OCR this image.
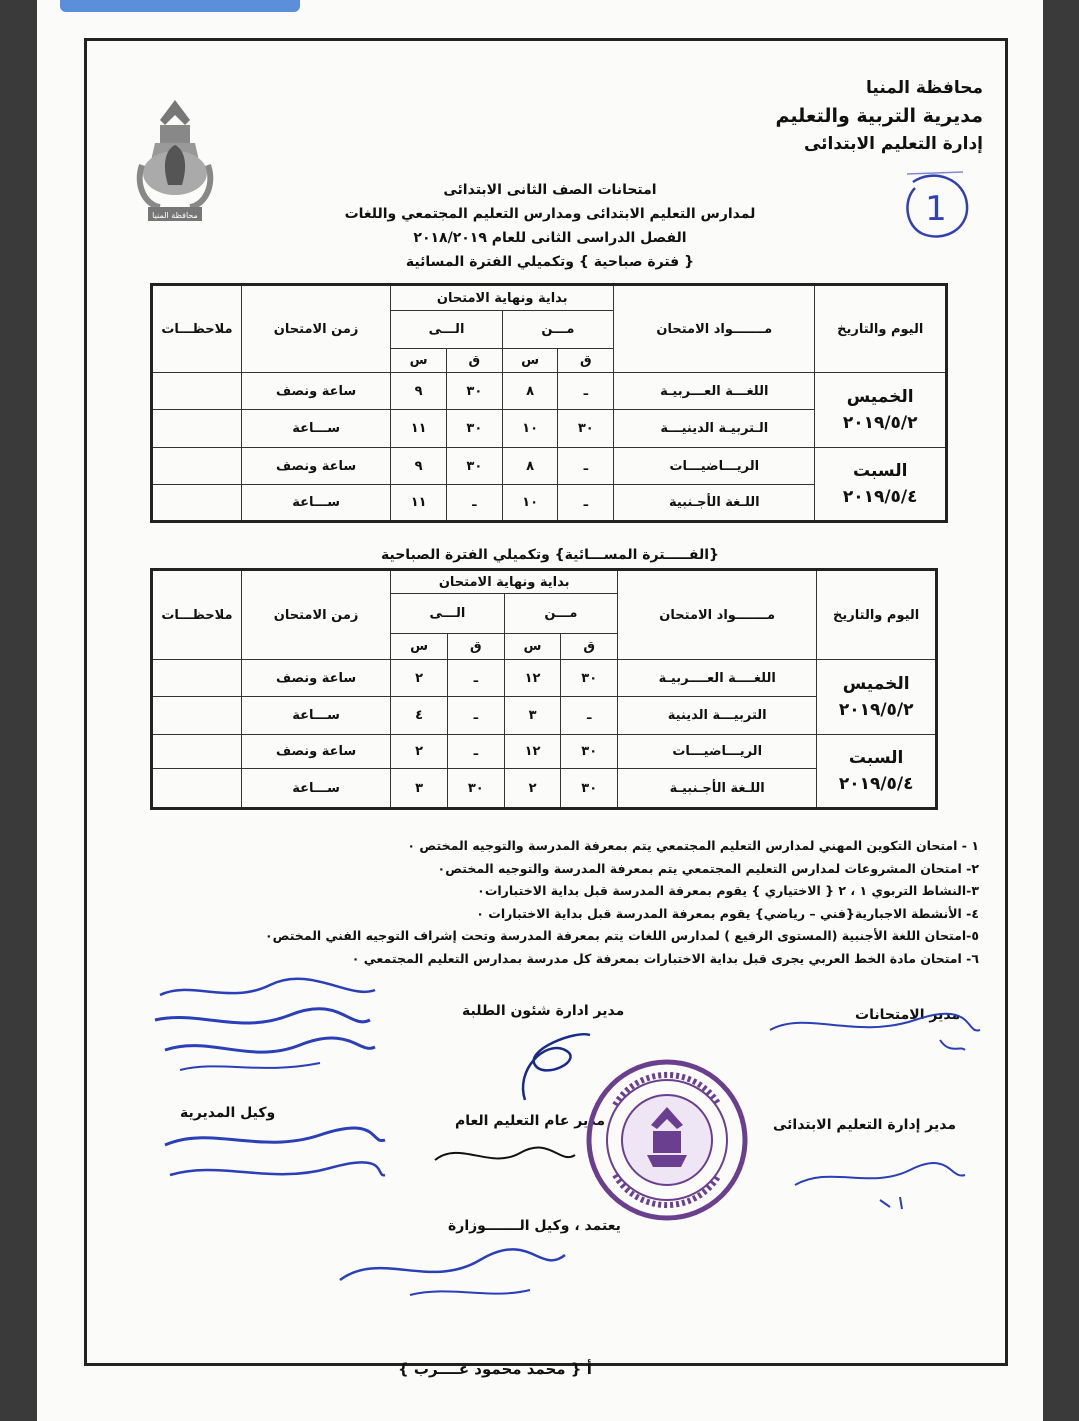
محافظة المنيا
مديرية التربية والتعليم
إدارة التعليم الابتدائى
محافظة المنيا	1
امتحانات الصف الثانى الابتدائى
لمدارس التعليم الابتدائى ومدارس التعليم المجتمعي واللغات
الفصل الدراسى الثانى للعام ٢٠١٨/٢٠١٩
{ فترة صباحية } وتكميلي الفترة المسائية
اليوم والتاريخ	مـــــــواد الامتحان	بداية ونهاية الامتحان				زمن الامتحان	ملاحظـــات
		مـــن		الـــى			
		ق	س	ق	س		

الخميس
٢٠١٩/٥/٢	اللغـــة العـــربيـة	ـ	٨	٣٠	٩	ساعة ونصف	
	الـتربيـة الدينيـــة	٣٠	١٠	٣٠	١١	ســـاعة	

السبت
٢٠١٩/٥/٤	الريـــاضيـــات	ـ	٨	٣٠	٩	ساعة ونصف	
	اللـغة الأجـنبية	ـ	١٠	ـ	١١	ســـاعة	
{الفـــــترة المســـائية} وتكميلي الفترة الصباحية
اليوم والتاريخ	مـــــــواد الامتحان	بداية ونهاية الامتحان				زمن الامتحان	ملاحظـــات
		مـــن		الـــى			
		ق	س	ق	س		

الخميس
٢٠١٩/٥/٢	اللغــــة العــــربيـة	٣٠	١٢	ـ	٢	ساعة ونصف	
	التربيـــة الدينية	ـ	٣	ـ	٤	ســـاعة	

السبت
٢٠١٩/٥/٤	الريـــاضيـــات	٣٠	١٢	ـ	٢	ساعة ونصف	
	اللـغة الأجـنبيـة	٣٠	٢	٣٠	٣	ســـاعة	
١ - امتحان التكوين المهني لمدارس التعليم المجتمعي يتم بمعرفة المدرسة والتوجيه المختص ٠
٢- امتحان المشروعات لمدارس التعليم المجتمعي يتم بمعرفة المدرسة والتوجيه المختص٠
٣-النشاط التربوي ١ ، ٢ { الاختياري } يقوم بمعرفة المدرسة قبل بداية الاختبارات٠
٤- الأنشطة الاجبارية{فني – رياضي} يقوم بمعرفة المدرسة قبل بداية الاختبارات ٠
٥-امتحان اللغة الأجنبية (المستوى الرفيع ) لمدارس اللغات يتم بمعرفة المدرسة وتحت إشراف التوجيه الفني المختص٠
٦- امتحان مادة الخط العربي يجرى قبل بداية الاختبارات بمعرفة كل مدرسة بمدارس التعليم المجتمعي ٠
مدير الامتحانات
مدير ادارة شئون الطلبة
مدير إدارة التعليم الابتدائى
مدير عام التعليم العام
وكيل المديرية
يعتمد ، وكيل الـــــــوزارة
أ { محمد محمود عــــرب }
